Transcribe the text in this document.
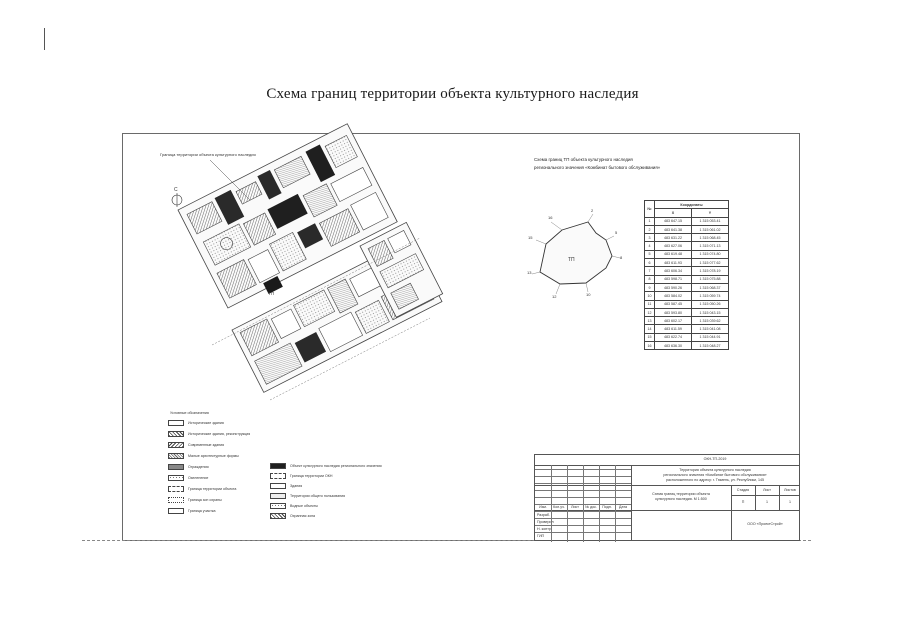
Схема границ территории объекта культурного наследия
Граница территории объекта культурного наследия
С
ТП
Схема границ ТП объекта культурного наследия
регионального значения «Комбинат бытового обслуживания»
ТП
16
2
5
8
10
12
13
15
№	Координаты	
	X	Y
1	483 647.15	1 315 053.41
2	483 641.38	1 315 061.02
3	483 631.22	1 315 068.45
4	483 627.06	1 315 071.13
5	483 619.48	1 315 074.80
6	483 611.93	1 315 077.62
7	483 606.34	1 315 078.19
8	483 598.71	1 315 075.88
9	483 590.26	1 315 068.37
10	483 584.02	1 315 059.74
11	483 587.45	1 315 050.26
12	483 593.80	1 315 043.15
13	483 602.17	1 315 039.62
14	483 611.59	1 315 041.08
15	483 622.74	1 315 044.91
16	483 636.30	1 315 048.27
Условные обозначения
Исторические здания
Исторические здания, реконструкция
Современные здания
Малые архитектурные формы
Ограждения
Озеленение
Граница территории объекта
Граница зон охраны
Граница участка
Объект культурного наследия регионального значения
Граница территории ОКН
Здания
Территории общего пользования
Водные объекты
Охранная зона
ОКН-ТП-2019
Территория объекта культурного наследия
регионального значения «Комбинат бытового обслуживания»
расположенного по адресу: г. Тюмень, ул. Республики, 145
Схема границ территории объекта
культурного наследия. М 1:500
Стадия	Лист	Листов
П	1	1
ООО «ПроектСтрой»
Изм.	Кол.уч.	Лист	№ док.	Подп.	Дата
Разраб.
Проверил
Н. контр.
ГИП
